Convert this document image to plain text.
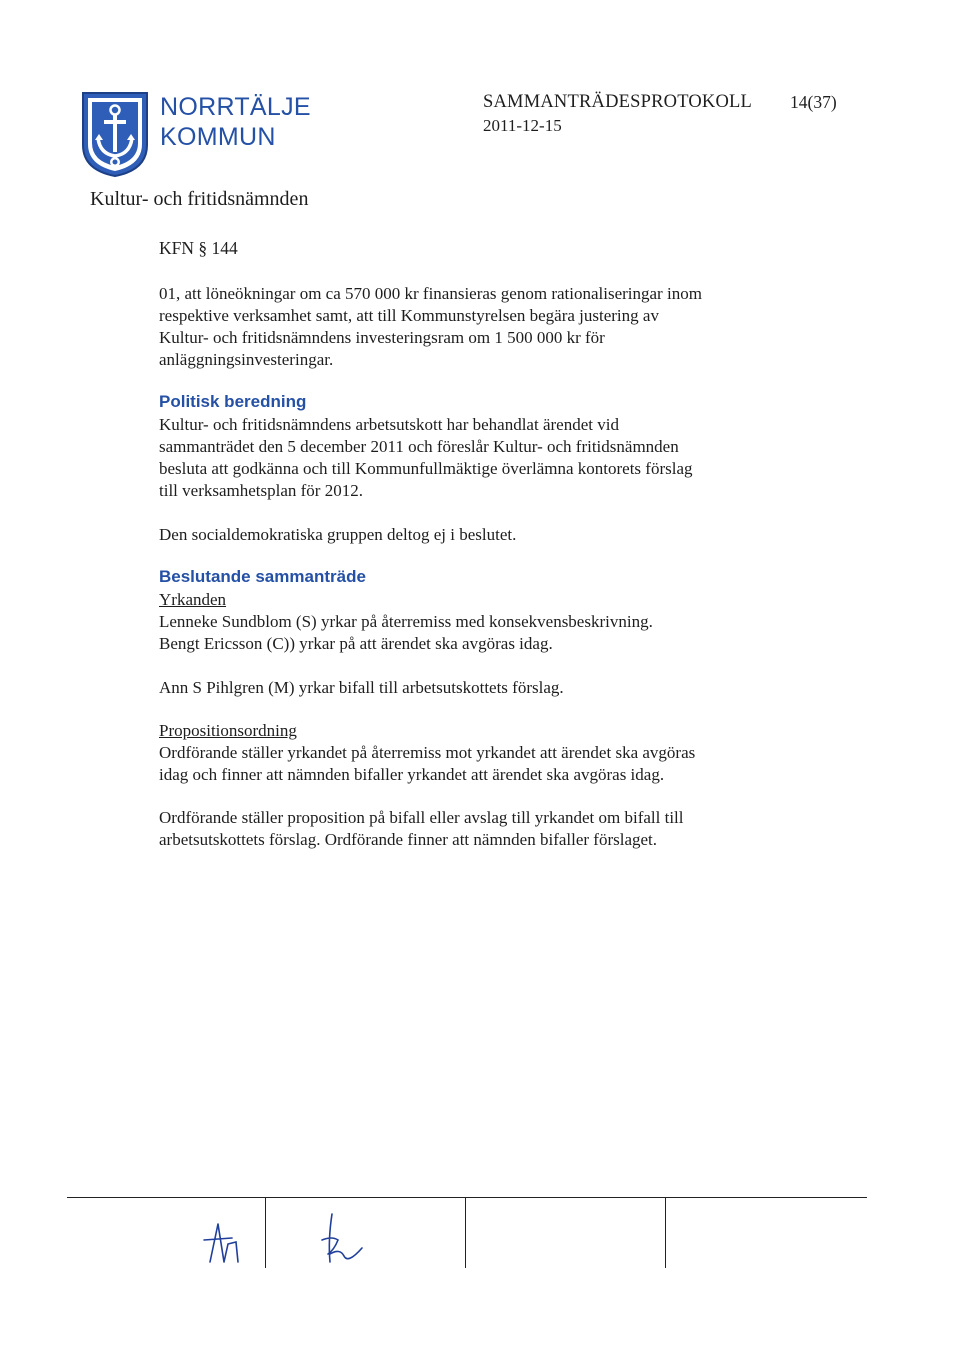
NORRTÄLJE
KOMMUN
SAMMANTRÄDESPROTOKOLL
2011-12-15
14(37)
Kultur- och fritidsnämnden
KFN § 144
01, att löneökningar om ca 570 000 kr finansieras genom rationaliseringar inom
respektive verksamhet samt, att till Kommunstyrelsen begära justering av
Kultur- och fritidsnämndens investeringsram om 1 500 000 kr för
anläggningsinvesteringar.
Politisk beredning
Kultur- och fritidsnämndens arbetsutskott har behandlat ärendet vid
sammanträdet den 5 december 2011 och föreslår Kultur- och fritidsnämnden
besluta att godkänna och till Kommunfullmäktige överlämna kontorets förslag
till verksamhetsplan för 2012.
Den socialdemokratiska gruppen deltog ej i beslutet.
Beslutande sammanträde
Yrkanden
Lenneke Sundblom (S) yrkar på återremiss med konsekvensbeskrivning.
Bengt Ericsson (C)) yrkar på att ärendet ska avgöras idag.
Ann S Pihlgren (M) yrkar bifall till arbetsutskottets förslag.
Propositionsordning
Ordförande ställer yrkandet på återremiss mot yrkandet att ärendet ska avgöras
idag och finner att nämnden bifaller yrkandet att ärendet ska avgöras idag.
Ordförande ställer proposition på bifall eller avslag till yrkandet om bifall till
arbetsutskottets förslag. Ordförande finner att nämnden bifaller förslaget.
